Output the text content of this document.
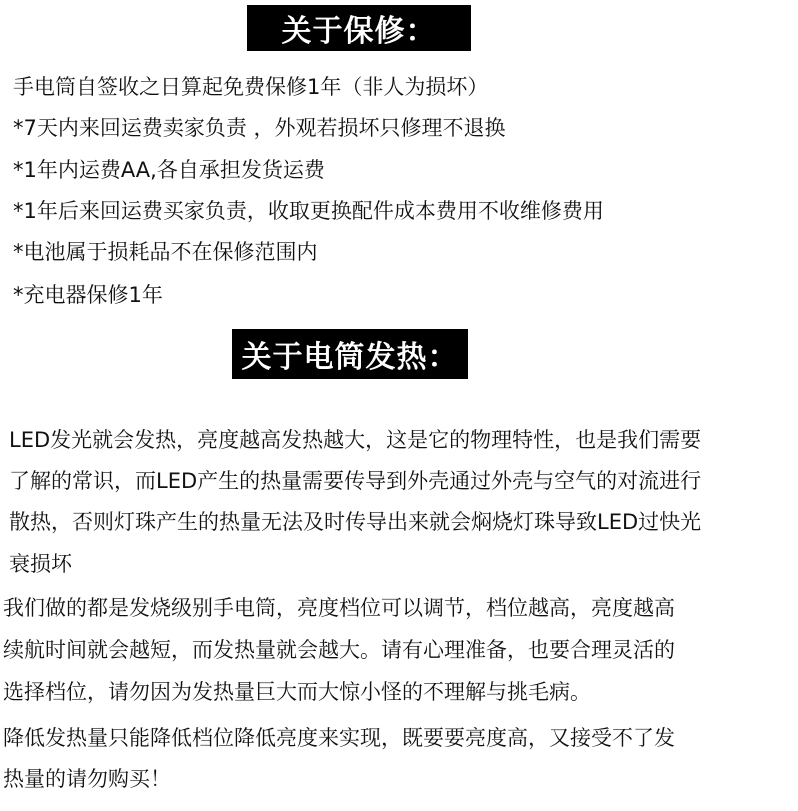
关于保修：
手电筒自签收之日算起免费保修1年（非人为损坏）
*7天内来回运费卖家负责 ，外观若损坏只修理不退换
*1年内运费AA,各自承担发货运费
*1年后来回运费买家负责，收取更换配件成本费用不收维修费用
*电池属于损耗品不在保修范围内
*充电器保修1年
关于电筒发热：
LED发光就会发热，亮度越高发热越大，这是它的物理特性，也是我们需要
了解的常识，而LED产生的热量需要传导到外壳通过外壳与空气的对流进行
散热，否则灯珠产生的热量无法及时传导出来就会焖烧灯珠导致LED过快光
衰损坏
我们做的都是发烧级别手电筒，亮度档位可以调节，档位越高，亮度越高
续航时间就会越短，而发热量就会越大。请有心理准备，也要合理灵活的
选择档位，请勿因为发热量巨大而大惊小怪的不理解与挑毛病。
降低发热量只能降低档位降低亮度来实现，既要要亮度高，又接受不了发
热量的请勿购买！
